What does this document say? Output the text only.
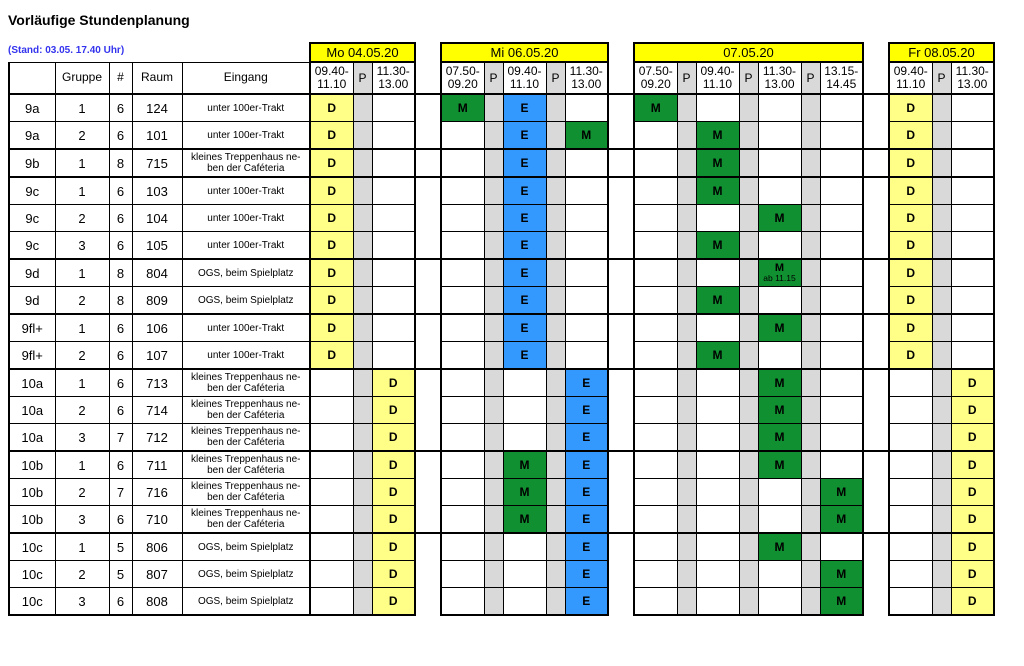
Vorläufige Stundenplanung
(Stand: 03.05. 17.40 Uhr)
					Mo 04.05.20				Mi 06.05.20						07.05.20								Fr 08.05.20		
	Gruppe	#	Raum	Eingang	09.40-
11.10	P	11.30-
13.00		07.50-
09.20	P	09.40-
11.10	P	11.30-
13.00		07.50-
09.20	P	09.40-
11.10	P	11.30-
13.00	P	13.15-
14.45		09.40-
11.10	P	11.30-
13.00
9a	1	6	124	unter 100er-Trakt	D				M		E				M								D		
9a	2	6	101	unter 100er-Trakt	D						E		M				M						D		
9b	1	8	715	kleines Treppenhaus ne-
ben der Caféteria	D						E						M						D		
9c	1	6	103	unter 100er-Trakt	D						E						M						D		
9c	2	6	104	unter 100er-Trakt	D						E								M				D		
9c	3	6	105	unter 100er-Trakt	D						E						M						D		
9d	1	8	804	OGS, beim Spielplatz	D						E								M
ab 11.15				D		
9d	2	8	809	OGS, beim Spielplatz	D						E						M						D		
9fl+	1	6	106	unter 100er-Trakt	D						E								M				D		
9fl+	2	6	107	unter 100er-Trakt	D						E						M						D		
10a	1	6	713	kleines Treppenhaus ne-
ben der Caféteria			D						E						M						D
10a	2	6	714	kleines Treppenhaus ne-
ben der Caféteria			D						E						M						D
10a	3	7	712	kleines Treppenhaus ne-
ben der Caféteria			D						E						M						D
10b	1	6	711	kleines Treppenhaus ne-
ben der Caféteria			D				M		E						M						D
10b	2	7	716	kleines Treppenhaus ne-
ben der Caféteria			D				M		E								M				D
10b	3	6	710	kleines Treppenhaus ne-
ben der Caféteria			D				M		E								M				D
10c	1	5	806	OGS, beim Spielplatz			D						E						M						D
10c	2	5	807	OGS, beim Spielplatz			D						E								M				D
10c	3	6	808	OGS, beim Spielplatz			D						E								M				D
